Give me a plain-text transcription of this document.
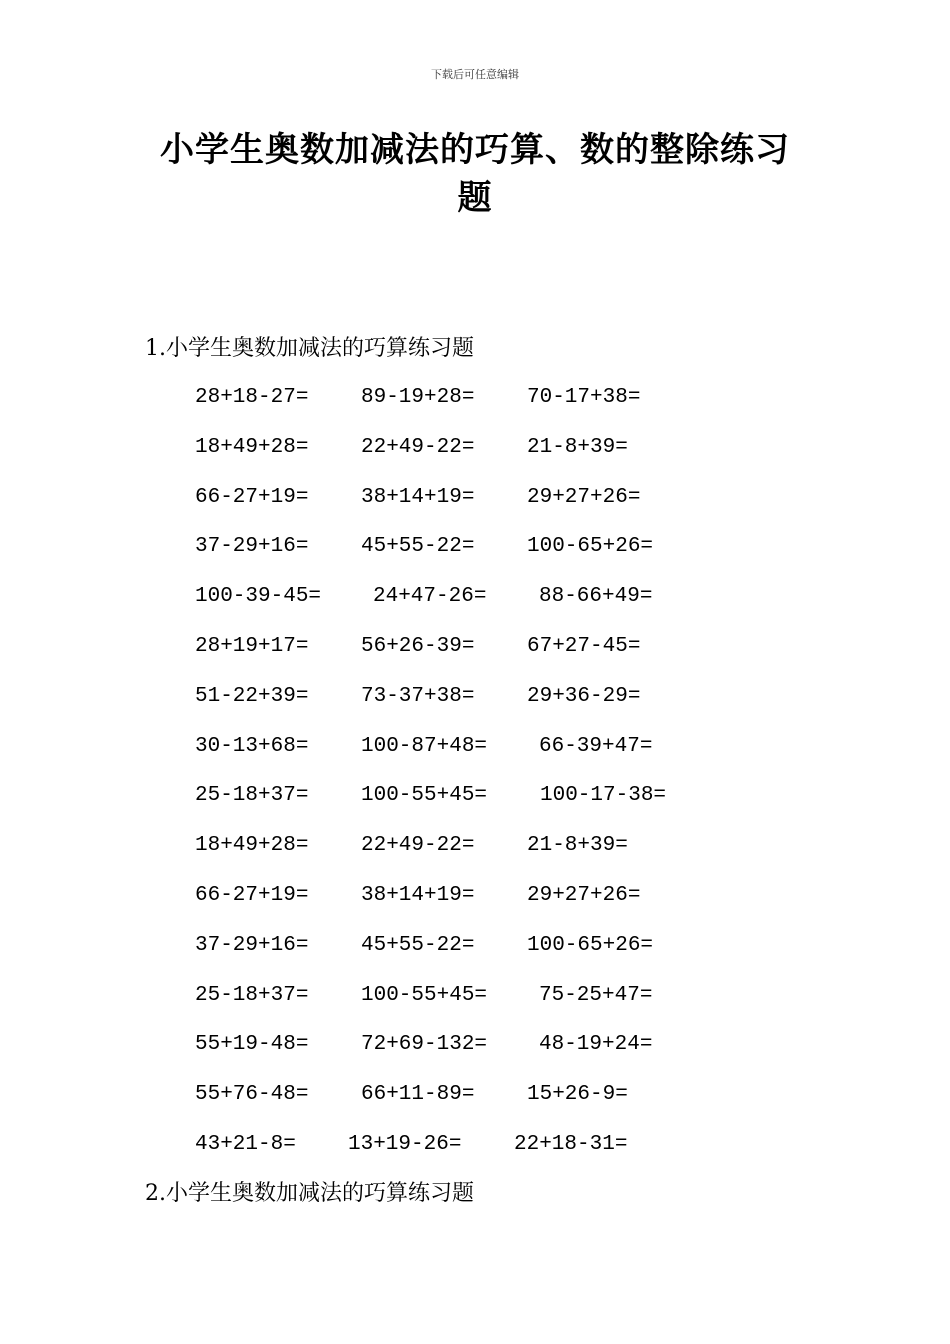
下载后可任意编辑
小学生奥数加减法的巧算、数的整除练习
题
1.小学生奥数加减法的巧算练习题
28+18-27=	89-19+28=	70-17+38=
18+49+28=	22+49-22=	21-8+39=
66-27+19=	38+14+19=	29+27+26=
37-29+16=	45+55-22=	100-65+26=
100-39-45= 24+47-26=	88-66+49=
28+19+17=	56+26-39=	67+27-45=
51-22+39=	73-37+38=	29+36-29=
30-13+68=	100-87+48= 66-39+47=
25-18+37=	100-55+45=	100-17-38=
18+49+28=	22+49-22=	21-8+39=
66-27+19=	38+14+19=	29+27+26=
37-29+16=	45+55-22=	100-65+26=
25-18+37=	100-55+45= 75-25+47=
55+19-48=	72+69-132= 48-19+24=
55+76-48=	66+11-89=	15+26-9=
43+21-8= 13+19-26=	22+18-31=
2.小学生奥数加减法的巧算练习题
